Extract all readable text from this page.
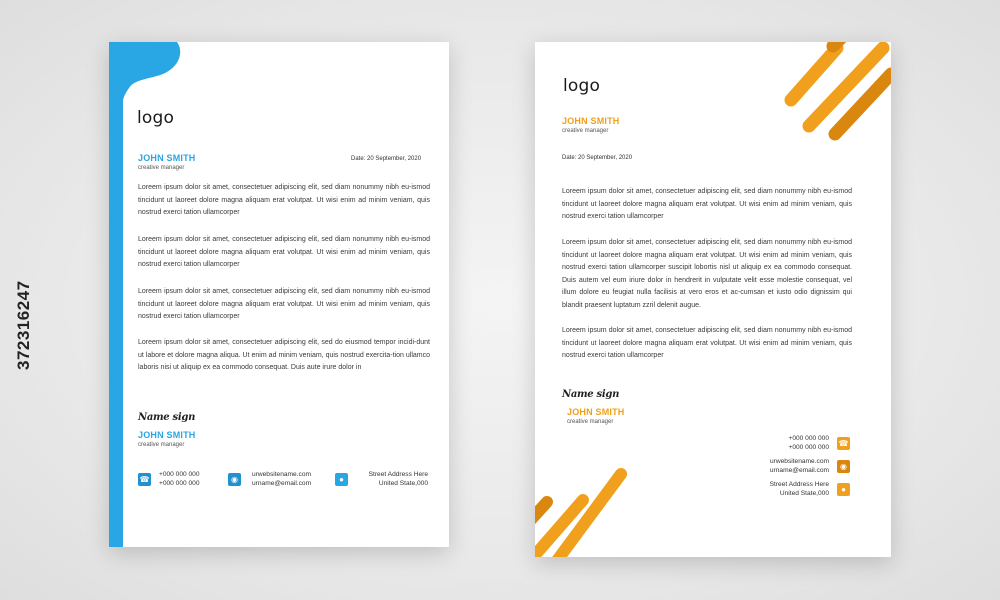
logo
JOHN SMITH
creative manager
Date: 20 September, 2020
Loreem ipsum dolor sit amet, consectetuer adipiscing elit, sed diam nonummy nibh eu-ismod tincidunt ut laoreet dolore magna aliquam erat volutpat. Ut wisi enim ad minim veniam, quis nostrud exerci tation ullamcorper
Loreem ipsum dolor sit amet, consectetuer adipiscing elit, sed diam nonummy nibh eu-ismod tincidunt ut laoreet dolore magna aliquam erat volutpat. Ut wisi enim ad minim veniam, quis nostrud exerci tation ullamcorper
Loreem ipsum dolor sit amet, consectetuer adipiscing elit, sed diam nonummy nibh eu-ismod tincidunt ut laoreet dolore magna aliquam erat volutpat. Ut wisi enim ad minim veniam, quis nostrud exerci tation ullamcorper
Loreem ipsum dolor sit amet, consectetuer adipiscing elit, sed do eiusmod tempor incidi-dunt ut labore et dolore magna aliqua. Ut enim ad minim veniam, quis nostrud exercita-tion ullamco laboris nisi ut aliquip ex ea commodo consequat. Duis aute irure dolor in
Name sign
JOHN SMITH
creative manager
☎
+000 000 000
+000 000 000	◉
urwebsitename.com
urname@email.com	●
Street Address Here
United State,000
logo
JOHN SMITH
creative manager
Date: 20 September, 2020
Loreem ipsum dolor sit amet, consectetuer adipiscing elit, sed diam nonummy nibh eu-ismod tincidunt ut laoreet dolore magna aliquam erat volutpat. Ut wisi enim ad minim veniam, quis nostrud exerci tation ullamcorper
Loreem ipsum dolor sit amet, consectetuer adipiscing elit, sed diam nonummy nibh eu-ismod tincidunt ut laoreet dolore magna aliquam erat volutpat. Ut wisi enim ad minim veniam, quis nostrud exerci tation ullamcorper suscipit lobortis nisl ut aliquip ex ea commodo consequat. Duis autem vel eum iriure dolor in hendrerit in vulputate velit esse molestie consequat, vel illum dolore eu feugiat nulla facilisis at vero eros et ac-cumsan et iusto odio dignissim qui blandit praesent luptatum zzril delenit augue.
Loreem ipsum dolor sit amet, consectetuer adipiscing elit, sed diam nonummy nibh eu-ismod tincidunt ut laoreet dolore magna aliquam erat volutpat. Ut wisi enim ad minim veniam, quis nostrud exerci tation ullamcorper
Name sign
JOHN SMITH
creative manager
+000 000 000
+000 000 000 ☎
urwebsitename.com
urname@email.com	◉
Street Address Here
United State,000	●
372316247
